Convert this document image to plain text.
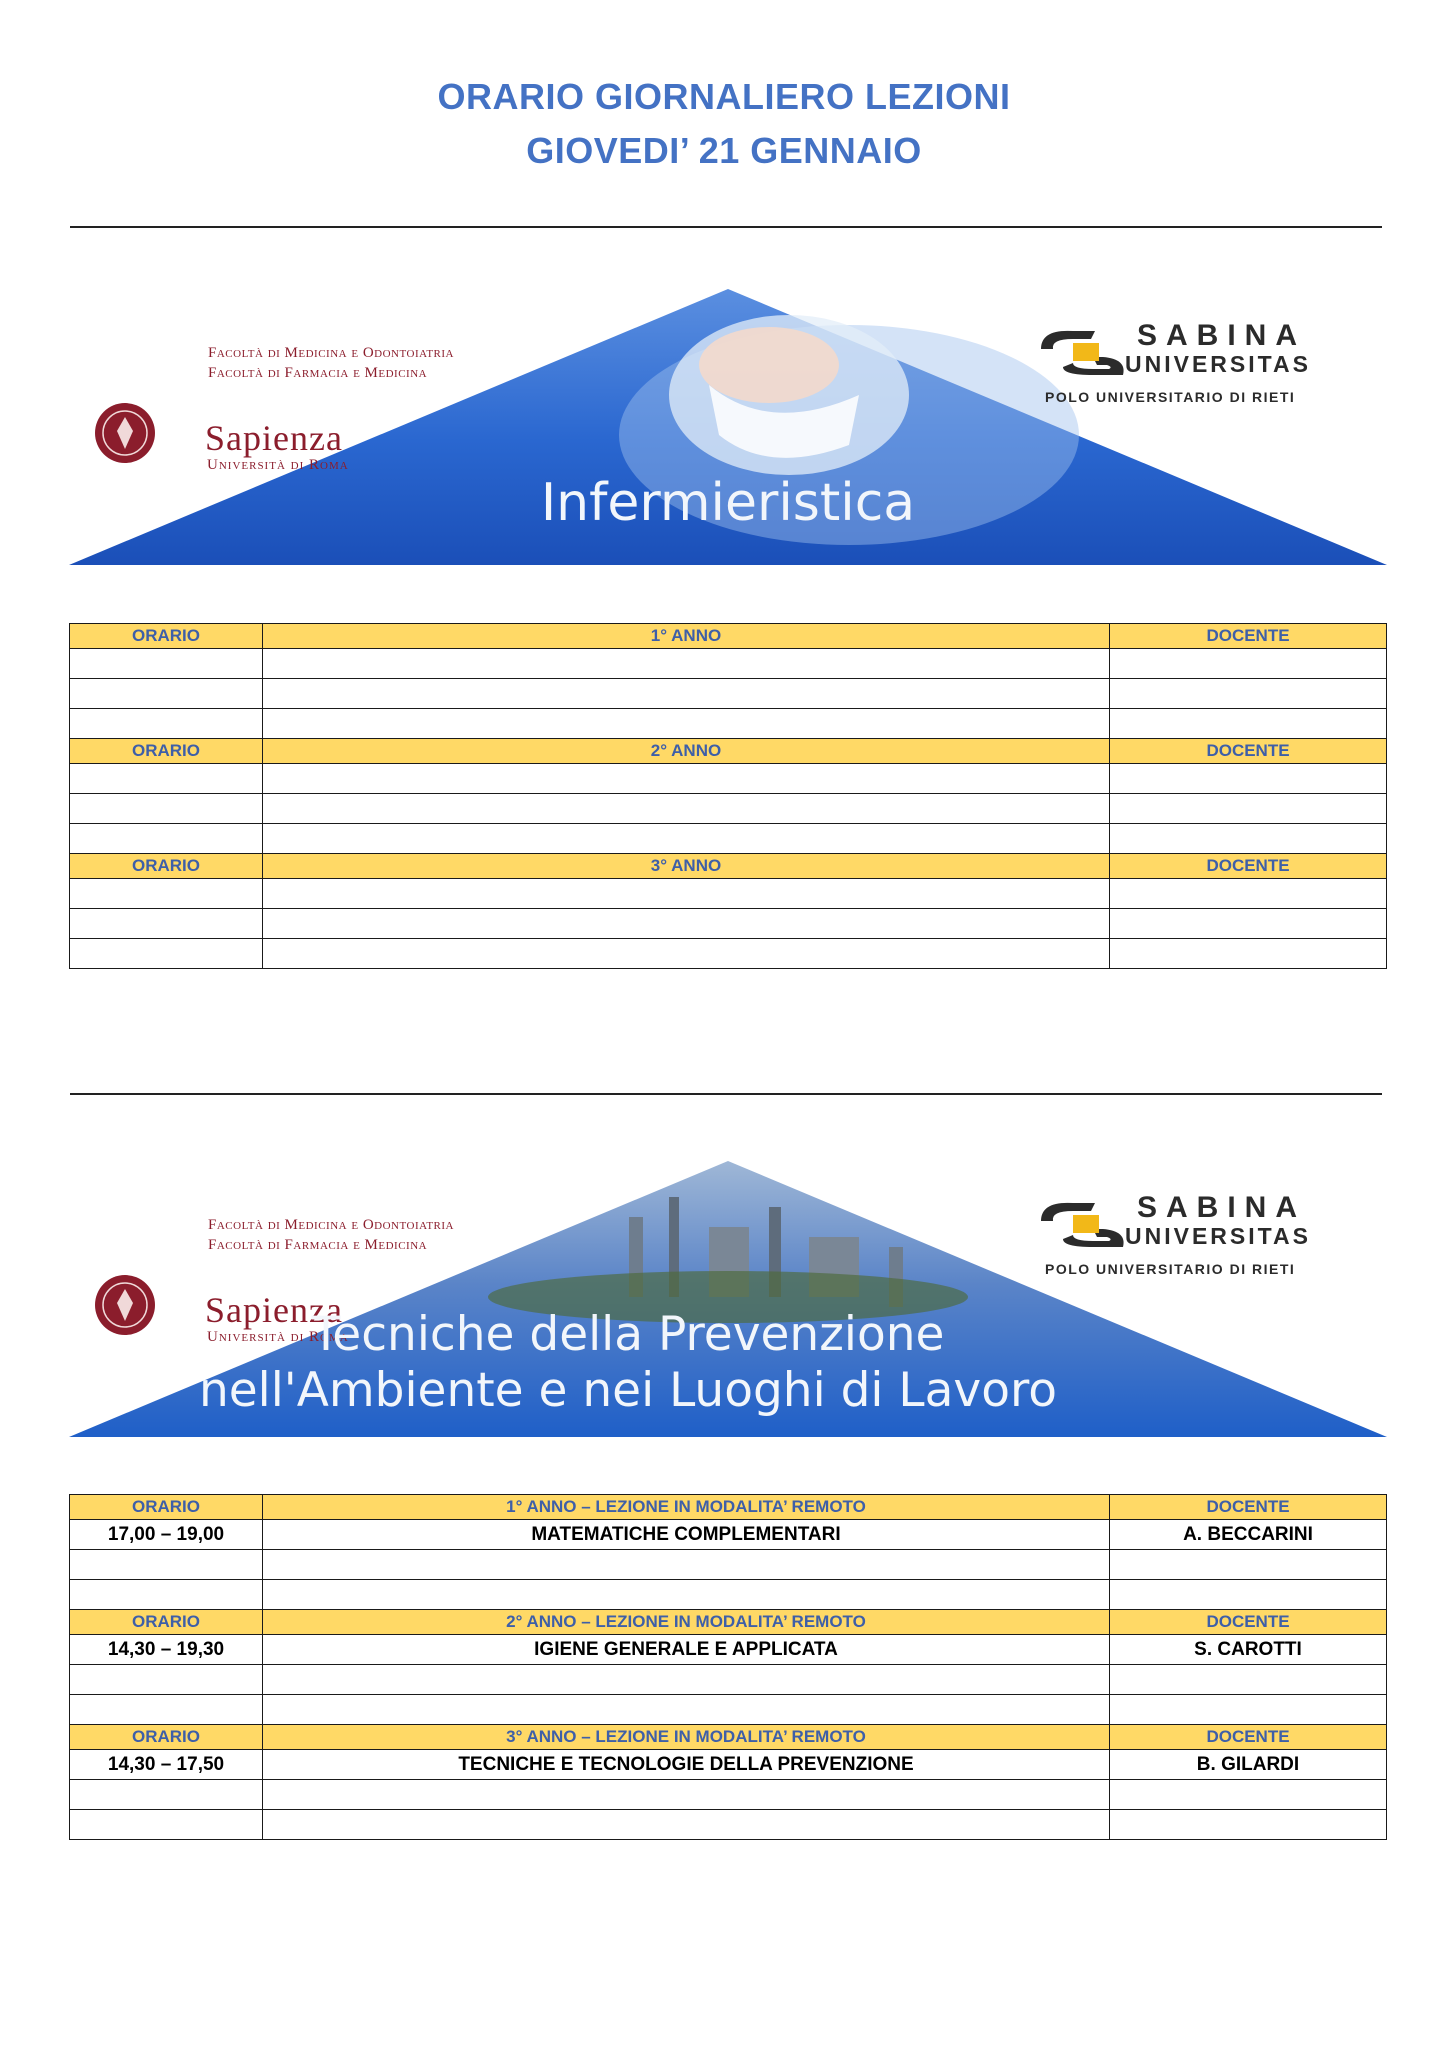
ORARIO GIORNALIERO LEZIONI
GIOVEDI’ 21 GENNAIO
Facoltà di Medicina e Odontoiatria
Facoltà di Farmacia e Medicina
Sapienza
Università di Roma
SABINA
UNIVERSITAS
POLO UNIVERSITARIO DI RIETI
Infermieristica
ORARIO	1° ANNO	DOCENTE

ORARIO	2° ANNO	DOCENTE

ORARIO	3° ANNO	DOCENTE

Facoltà di Medicina e Odontoiatria
Facoltà di Farmacia e Medicina
Sapienza
Università di Roma
SABINA
UNIVERSITAS
POLO UNIVERSITARIO DI RIETI
Tecniche della Prevenzione
nell'Ambiente e nei Luoghi di Lavoro
ORARIO	1° ANNO – LEZIONE IN MODALITA’ REMOTO	DOCENTE
17,00 – 19,00	MATEMATICHE COMPLEMENTARI	A. BECCARINI

ORARIO	2° ANNO – LEZIONE IN MODALITA’ REMOTO	DOCENTE
14,30 – 19,30	IGIENE GENERALE E APPLICATA	S. CAROTTI

ORARIO	3° ANNO – LEZIONE IN MODALITA’ REMOTO	DOCENTE
14,30 – 17,50	TECNICHE E TECNOLOGIE DELLA PREVENZIONE	B. GILARDI
